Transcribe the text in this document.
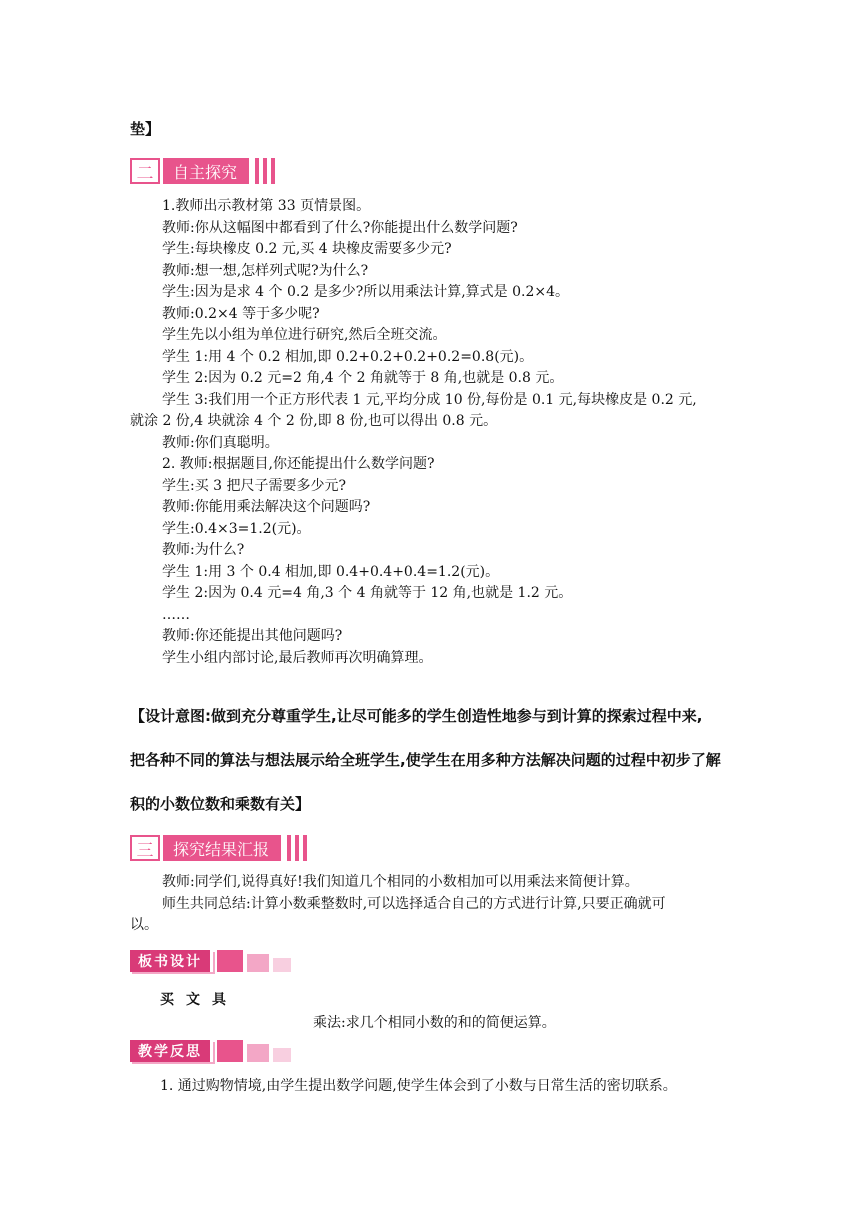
垫】
二	自主探究

1.教师出示教材第 33 页情景图。

教师:你从这幅图中都看到了什么?你能提出什么数学问题?

学生:每块橡皮 0.2 元,买 4 块橡皮需要多少元?

教师:想一想,怎样列式呢?为什么?

学生:因为是求 4 个 0.2 是多少?所以用乘法计算,算式是 0.2×4。

教师:0.2×4 等于多少呢?

学生先以小组为单位进行研究,然后全班交流。

学生 1:用 4 个 0.2 相加,即 0.2+0.2+0.2+0.2=0.8(元)。

学生 2:因为 0.2 元=2 角,4 个 2 角就等于 8 角,也就是 0.8 元。

学生 3:我们用一个正方形代表 1 元,平均分成 10 份,每份是 0.1 元,每块橡皮是 0.2 元,

就涂 2 份,4 块就涂 4 个 2 份,即 8 份,也可以得出 0.8 元。

教师:你们真聪明。

2. 教师:根据题目,你还能提出什么数学问题?

学生:买 3 把尺子需要多少元?

教师:你能用乘法解决这个问题吗?

学生:0.4×3=1.2(元)。

教师:为什么?

学生 1:用 3 个 0.4 相加,即 0.4+0.4+0.4=1.2(元)。

学生 2:因为 0.4 元=4 角,3 个 4 角就等于 12 角,也就是 1.2 元。

……

教师:你还能提出其他问题吗?

学生小组内部讨论,最后教师再次明确算理。

【设计意图:做到充分尊重学生,让尽可能多的学生创造性地参与到计算的探索过程中来,
把各种不同的算法与想法展示给全班学生,使学生在用多种方法解决问题的过程中初步了解
积的小数位数和乘数有关】
三	探究结果汇报

教师:同学们,说得真好!我们知道几个相同的小数相加可以用乘法来简便计算。

师生共同总结:计算小数乘整数时,可以选择适合自己的方式进行计算,只要正确就可

以。

板书设计
买文具
乘法:求几个相同小数的和的简便运算。
教学反思

1. 通过购物情境,由学生提出数学问题,使学生体会到了小数与日常生活的密切联系。
